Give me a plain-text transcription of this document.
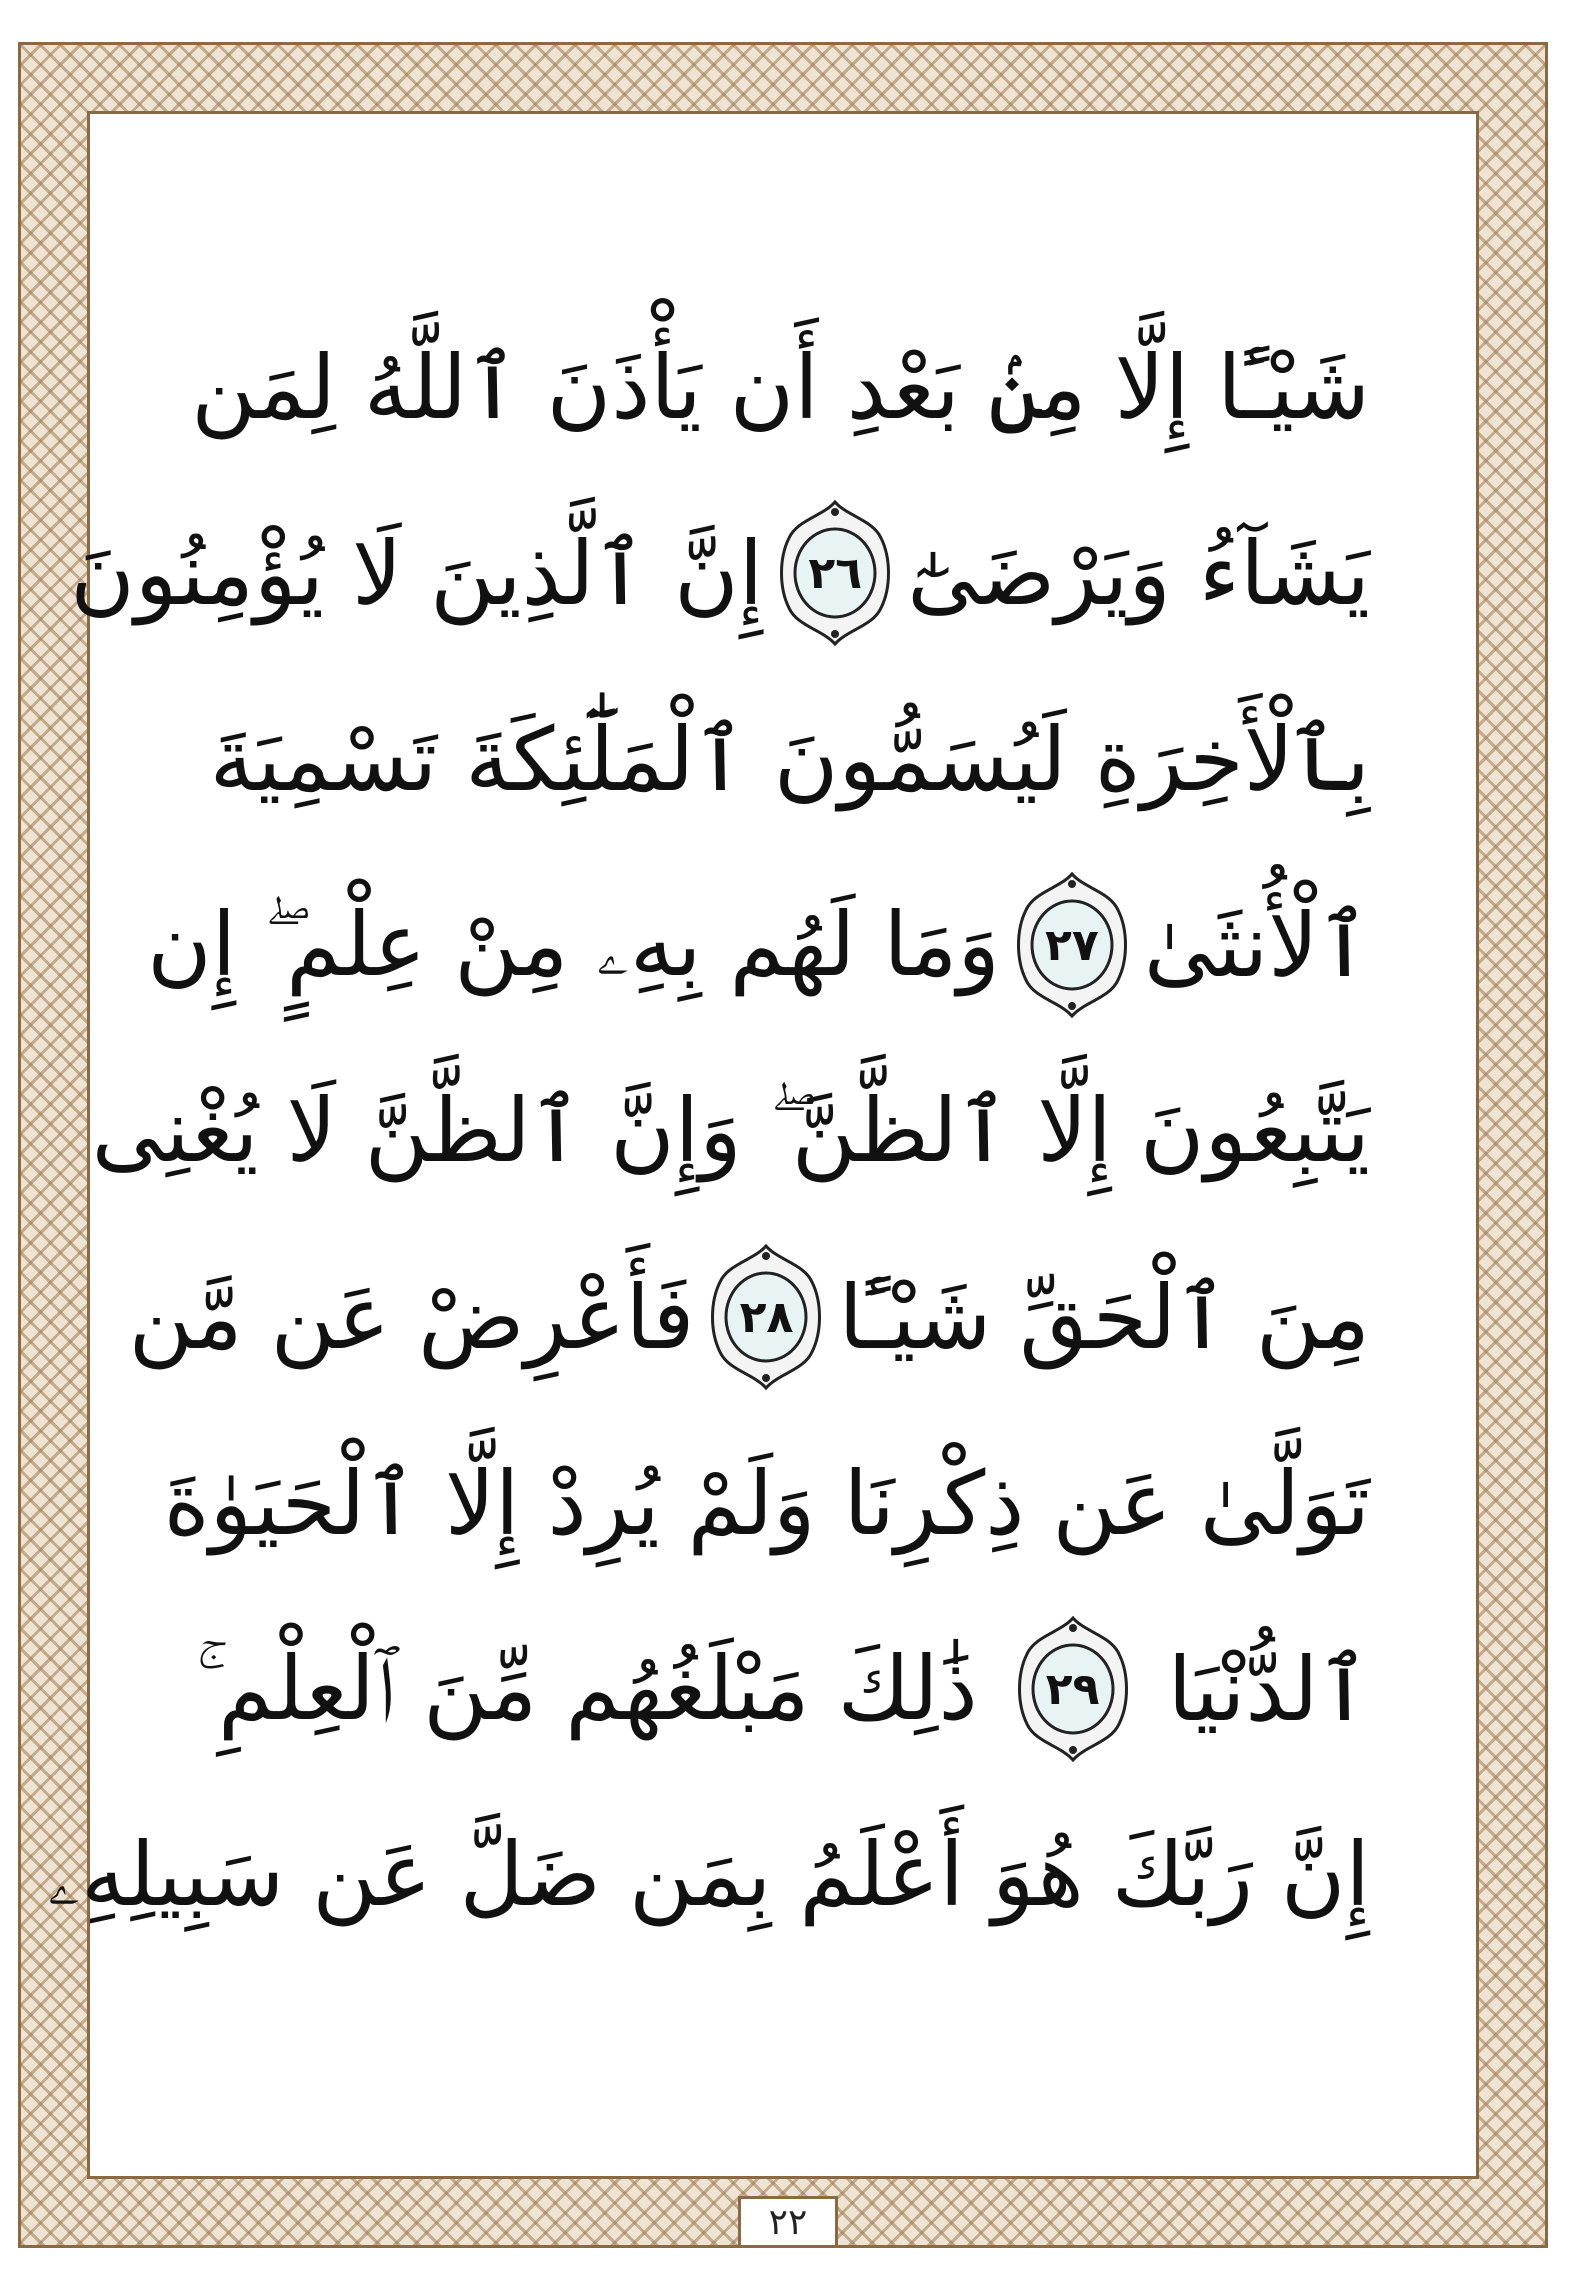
شَيْـًٔا إِلَّا مِنۢ بَعْدِ أَن يَأْذَنَ ٱللَّهُ لِمَن
يَشَآءُ وَيَرْضَىٰٓ
٢٦
إِنَّ ٱلَّذِينَ لَا يُؤْمِنُونَ
بِٱلْأَخِرَةِ لَيُسَمُّونَ ٱلْمَلَٰٓئِكَةَ تَسْمِيَةَ
ٱلْأُنثَىٰ
٢٧
وَمَا لَهُم بِهِۦ مِنْ عِلْمٍ ۖ إِن
يَتَّبِعُونَ إِلَّا ٱلظَّنَّ ۖ وَإِنَّ ٱلظَّنَّ لَا يُغْنِى
مِنَ ٱلْحَقِّ شَيْـًٔا
٢٨
فَأَعْرِضْ عَن مَّن
تَوَلَّىٰ عَن ذِكْرِنَا وَلَمْ يُرِدْ إِلَّا ٱلْحَيَوٰةَ
ٱلدُّنْيَا
٢٩
ذَٰلِكَ مَبْلَغُهُم مِّنَ ٱلْعِلْمِ ۚ
إِنَّ رَبَّكَ هُوَ أَعْلَمُ بِمَن ضَلَّ عَن سَبِيلِهِۦ
٢٢
